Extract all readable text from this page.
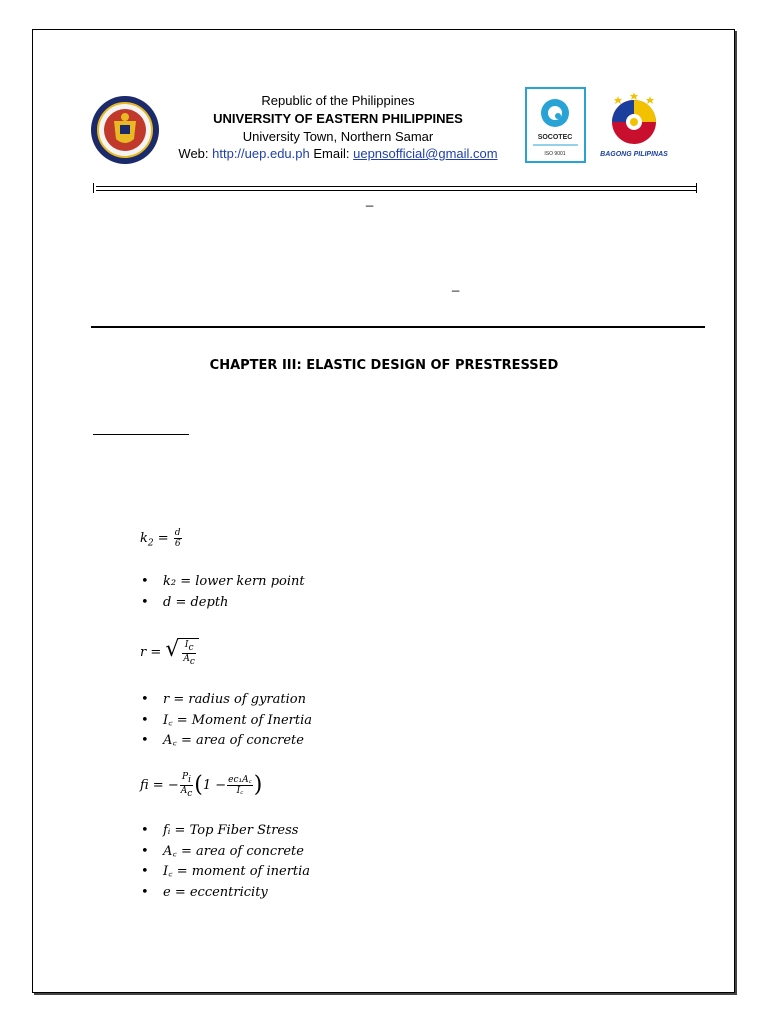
Republic of the Philippines
UNIVERSITY OF EASTERN PHILIPPINES
University Town, Northern Samar
Web: http://uep.edu.ph Email: uepnsofficial@gmail.com
SOCOTEC
ISO 9001	BAGONG PILIPINAS
_
_
CHAPTER III: ELASTIC DESIGN OF PRESTRESSED
$k_2 = \frac{d}{6}$
• k₂ = lower kern point
• d = depth
r = √ $\frac{I_c}{A_c}$
• r = radius of gyration
• I꜀ = Moment of Inertia
• A꜀ = area of concrete
fi = − $\frac{P_i}{A_c} (1 - \frac{\text{ec₁A꜀}}{I꜀}$ )
• fᵢ = Top Fiber Stress
• A꜀ = area of concrete
• I꜀ = moment of inertia
• e = eccentricity
